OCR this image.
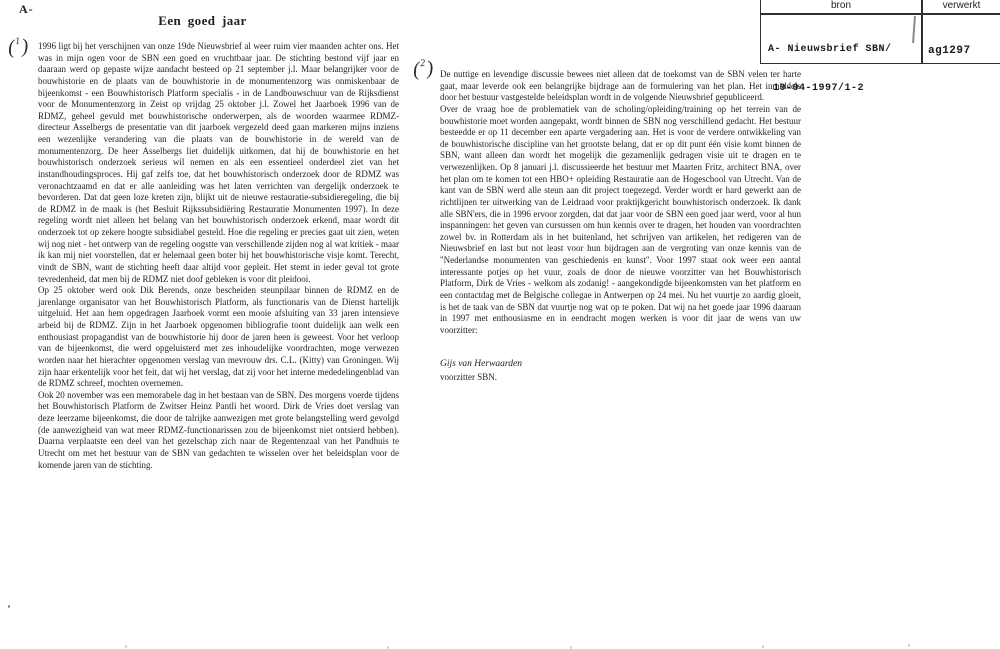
A-
Een goed jaar
bron	verwerkt

A- Nieuwsbrief SBN/

19-04-1997/1-2

ag1297
($^1$)
($^2$)

1996 ligt bij het verschijnen van onze 19de Nieuwsbrief al weer ruim vier maanden achter ons. Het was in mijn ogen voor de SBN een goed en vruchtbaar jaar. De stichting bestond vijf jaar en daaraan werd op gepaste wijze aandacht besteed op 21 september j.l. Maar belangrijker voor de bouwhistorie en de plaats van de bouwhistorie in de monumentenzorg was onmiskenbaar de bijeenkomst - een Bouwhistorisch Platform specialis - in de Landbouwschuur van de Rijksdienst voor de Monumentenzorg in Zeist op vrijdag 25 oktober j.l. Zowel het Jaarboek 1996 van de RDMZ, geheel gevuld met bouwhistorische onderwerpen, als de woorden waarmee RDMZ-directeur Asselbergs de presentatie van dit jaarboek vergezeld deed gaan markeren mijns inziens een wezenlijke verandering van die plaats van de bouwhistorie in de wereld van de monumentenzorg. De heer Asselbergs liet duidelijk uitkomen, dat hij de bouwhistorie en het bouwhistorisch onderzoek serieus wil nemen en als een essentieel onderdeel ziet van het instandhoudingsproces. Hij gaf zelfs toe, dat het bouwhistorisch onderzoek door de RDMZ was veronachtzaamd en dat er alle aanleiding was het laten verrichten van dergelijk onderzoek te bevorderen. Dat dat geen loze kreten zijn, blijkt uit de nieuwe restauratie-subsidieregeling, die bij de RDMZ in de maak is (het Besluit Rijkssubsidiëring Restauratie Monumenten 1997). In deze regeling wordt niet alleen het belang van het bouwhistorisch onderzoek erkend, maar wordt dit onderzoek tot op zekere hoogte subsidiabel gesteld. Hoe die regeling er precies gaat uit zien, weten wij nog niet - het ontwerp van de regeling oogstte van verschillende zijden nog al wat kritiek - maar ik kan mij niet voorstellen, dat er helemaal geen boter bij het bouwhistorische visje komt. Terecht, vindt de SBN, want de stichting heeft daar altijd voor gepleit. Het stemt in ieder geval tot grote tevredenheid, dat men bij de RDMZ niet doof gebleken is voor dit pleidooi.

Op 25 oktober werd ook Dik Berends, onze bescheiden steunpilaar binnen de RDMZ en de jarenlange organisator van het Bouwhistorisch Platform, als functionaris van de Dienst hartelijk uitgeluid. Het aan hem opgedragen Jaarboek vormt een mooie afsluiting van 33 jaren intensieve arbeid bij de RDMZ. Zijn in het Jaarboek opgenomen bibliografie toont duidelijk aan welk een enthousiast propagandist van de bouwhistorie hij door de jaren heen is geweest. Voor het verloop van de bijeenkomst, die werd opgeluisterd met zes inhoudelijke voordrachten, moge verwezen worden naar het hierachter opgenomen verslag van mevrouw drs. C.L. (Kitty) van Groningen. Wij zijn haar erkentelijk voor het feit, dat wij het verslag, dat zij voor het interne mededelingenblad van de RDMZ schreef, mochten overnemen.

Ook 20 november was een memorabele dag in het bestaan van de SBN. Des morgens voerde tijdens het Bouwhistorisch Platform de Zwitser Heinz Pantli het woord. Dirk de Vries doet verslag van deze leerzame bijeenkomst, die door de talrijke aanwezigen met grote belangstelling werd gevolgd (de aanwezigheid van wat meer RDMZ-functionarissen zou de bijeenkomst niet ontsierd hebben). Daarna verplaatste een deel van het gezelschap zich naar de Regentenzaal van het Pandhuis te Utrecht om met het bestuur van de SBN van gedachten te wisselen over het beleidsplan voor de komende jaren van de stichting.

De nuttige en levendige discussie bewees niet alleen dat de toekomst van de SBN velen ter harte gaat, maar leverde ook een belangrijke bijdrage aan de formulering van het plan. Het inmiddels door het bestuur vastgestelde beleidsplan wordt in de volgende Nieuwsbrief gepubliceerd.

Over de vraag hoe de problematiek van de scholing/opleiding/training op het terrein van de bouwhistorie moet worden aangepakt, wordt binnen de SBN nog verschillend gedacht. Het bestuur besteedde er op 11 december een aparte vergadering aan. Het is voor de verdere ontwikkeling van de bouwhistorische discipline van het grootste belang, dat er op dit punt één visie komt binnen de SBN, want alleen dan wordt het mogelijk die gezamenlijk gedragen visie uit te dragen en te verwezenlijken. Op 8 januari j.l. discussieerde het bestuur met Maarten Fritz, architect BNA, over het plan om te komen tot een HBO+ opleiding Restauratie aan de Hogeschool van Utrecht. Van de kant van de SBN werd alle steun aan dit project toegezegd. Verder wordt er hard gewerkt aan de richtlijnen ter uitwerking van de Leidraad voor praktijkgericht bouwhistorisch onderzoek. Ik dank alle SBN'ers, die in 1996 ervoor zorgden, dat dat jaar voor de SBN een goed jaar werd, voor al hun inspanningen: het geven van cursussen om hun kennis over te dragen, het houden van voordrachten zowel bv. in Rotterdam als in het buitenland, het schrijven van artikelen, het redigeren van de Nieuwsbrief en last but not least voor hun bijdragen aan de vergroting van onze kennis van de "Nederlandse monumenten van geschiedenis en kunst". Voor 1997 staat ook weer een aantal interessante potjes op het vuur, zoals de door de nieuwe voorzitter van het Bouwhistorisch Platform, Dirk de Vries - welkom als zodanig! - aangekondigde bijeenkomsten van het platform en een contactdag met de Belgische collegae in Antwerpen op 24 mei. Nu het vuurtje zo aardig gloeit, is het de taak van de SBN dat vuurtje nog wat op te poken. Dat wij na het goede jaar 1996 daaraan in 1997 met enthousiasme en in eendracht mogen werken is voor dit jaar de wens van uw voorzitter:

Gijs van Herwaarden
voorzitter SBN.
